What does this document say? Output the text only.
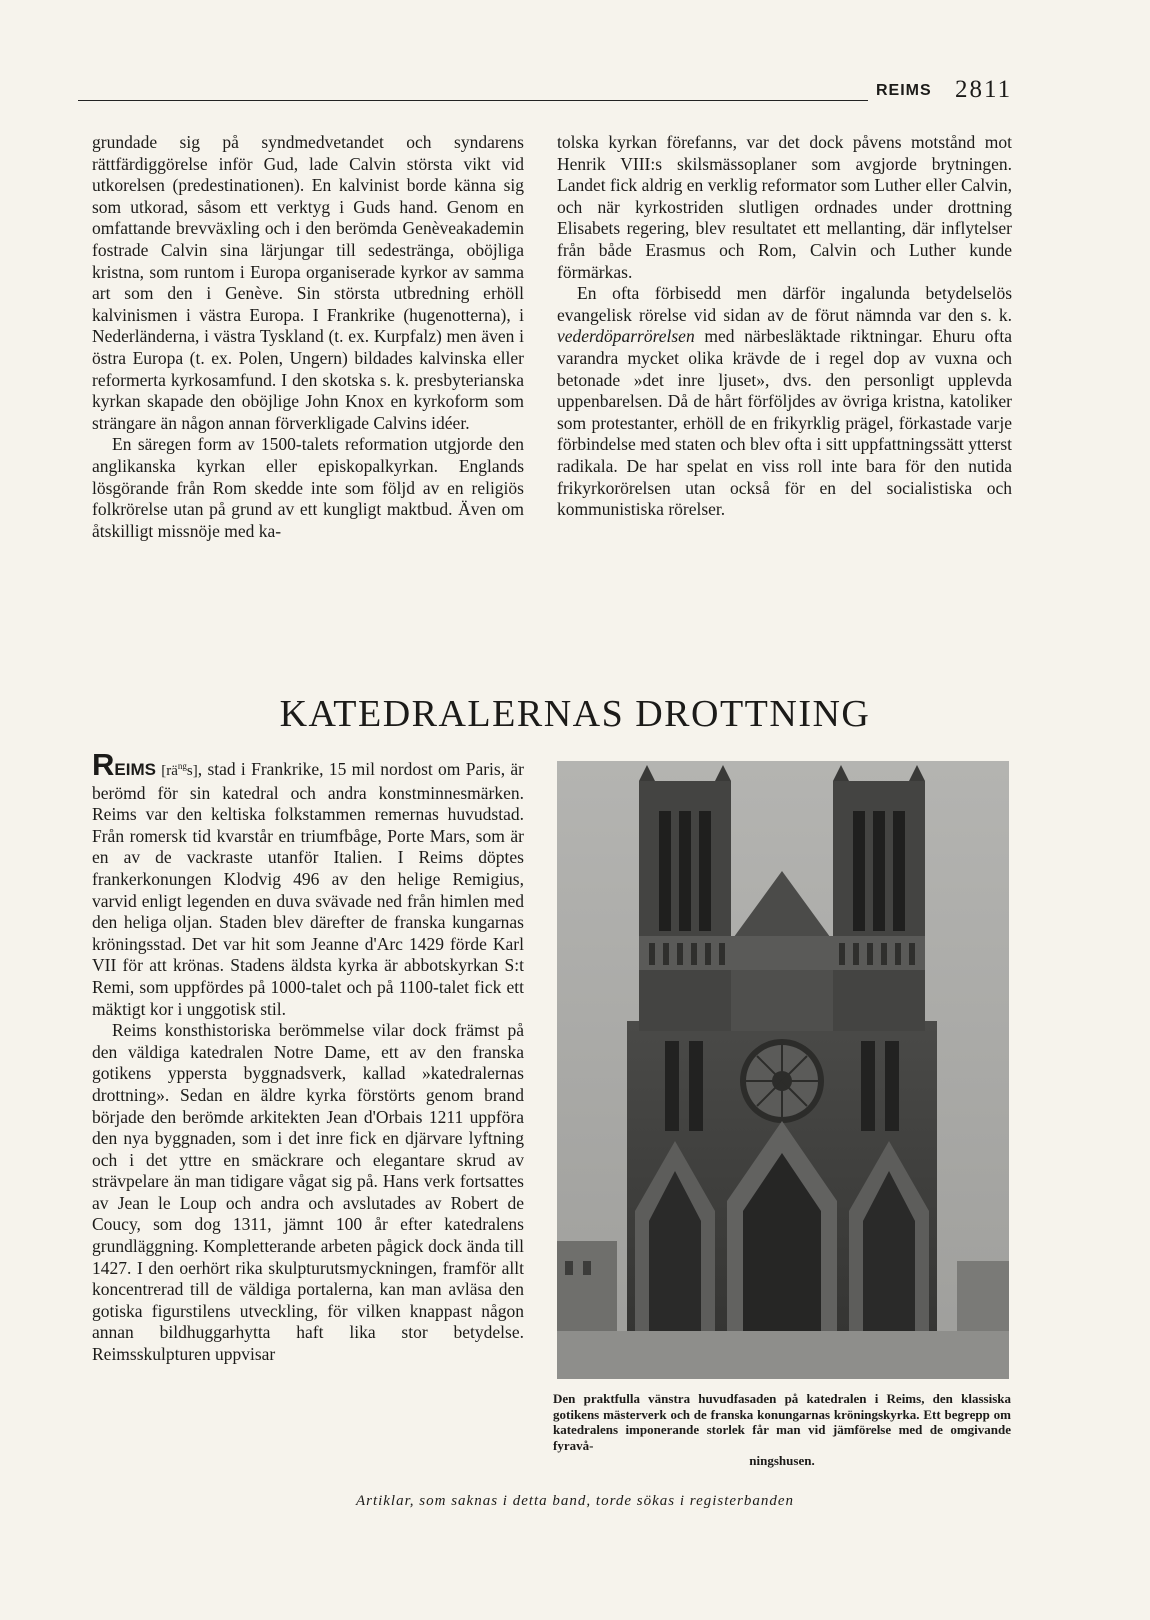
REIMS 2811

grundade sig på syndmedvetandet och syndarens rättfärdiggörelse inför Gud, lade Calvin största vikt vid utkorelsen (predestinationen). En kalvinist borde känna sig som utkorad, såsom ett verktyg i Guds hand. Genom en omfattande brevväxling och i den berömda Genèveakademin fostrade Calvin sina lärjungar till sedestränga, oböjliga kristna, som runtom i Europa organiserade kyrkor av samma art som den i Genève. Sin största utbredning erhöll kalvinismen i västra Europa. I Frankrike (hugenotterna), i Nederländerna, i västra Tyskland (t. ex. Kurpfalz) men även i östra Europa (t. ex. Polen, Ungern) bildades kalvinska eller reformerta kyrkosamfund. I den skotska s. k. presbyterianska kyrkan skapade den oböjlige John Knox en kyrkoform som strängare än någon annan förverkligade Calvins idéer.

En säregen form av 1500-talets reformation utgjorde den anglikanska kyrkan eller episkopalkyrkan. Englands lösgörande från Rom skedde inte som följd av en religiös folkrörelse utan på grund av ett kungligt maktbud. Även om åtskilligt missnöje med ka-

tolska kyrkan förefanns, var det dock påvens motstånd mot Henrik VIII:s skilsmässoplaner som avgjorde brytningen. Landet fick aldrig en verklig reformator som Luther eller Calvin, och när kyrkostriden slutligen ordnades under drottning Elisabets regering, blev resultatet ett mellanting, där inflytelser från både Erasmus och Rom, Calvin och Luther kunde förmärkas.

En ofta förbisedd men därför ingalunda betydelselös evangelisk rörelse vid sidan av de förut nämnda var den s. k. vederdöparrörelsen med närbesläktade riktningar. Ehuru ofta varandra mycket olika krävde de i regel dop av vuxna och betonade »det inre ljuset», dvs. den personligt upplevda uppenbarelsen. Då de hårt förföljdes av övriga kristna, katoliker som protestanter, erhöll de en frikyrklig prägel, förkastade varje förbindelse med staten och blev ofta i sitt uppfattningssätt ytterst radikala. De har spelat en viss roll inte bara för den nutida frikyrkorörelsen utan också för en del socialistiska och kommunistiska rörelser.

KATEDRALERNAS DROTTNING

REIMS $[rä^{ng}s]$, stad i Frankrike, 15 mil nordost om Paris, är berömd för sin katedral och andra konstminnesmärken. Reims var den keltiska folkstammen remernas huvudstad. Från romersk tid kvarstår en triumfbåge, Porte Mars, som är en av de vackraste utanför Italien. I Reims döptes frankerkonungen Klodvig 496 av den helige Remigius, varvid enligt legenden en duva svävade ned från himlen med den heliga oljan. Staden blev därefter de franska kungarnas kröningsstad. Det var hit som Jeanne d'Arc 1429 förde Karl VII för att krönas. Stadens äldsta kyrka är abbotskyrkan S:t Remi, som uppfördes på 1000-talet och på 1100-talet fick ett mäktigt kor i unggotisk stil.

Reims konsthistoriska berömmelse vilar dock främst på den väldiga katedralen Notre Dame, ett av den franska gotikens yppersta byggnadsverk, kallad »katedralernas drottning». Sedan en äldre kyrka förstörts genom brand började den berömde arkitekten Jean d'Orbais 1211 uppföra den nya byggnaden, som i det inre fick en djärvare lyftning och i det yttre en smäckrare och elegantare skrud av strävpelare än man tidigare vågat sig på. Hans verk fortsattes av Jean le Loup och andra och avslutades av Robert de Coucy, som dog 1311, jämnt 100 år efter katedralens grundläggning. Kompletterande arbeten pågick dock ända till 1427. I den oerhört rika skulpturutsmyckningen, framför allt koncentrerad till de väldiga portalerna, kan man avläsa den gotiska figurstilens utveckling, för vilken knappast någon annan bildhuggarhytta haft lika stor betydelse. Reimsskulpturen uppvisar

Den praktfulla vänstra huvudfasaden på katedralen i Reims, den klassiska gotikens mästerverk och de franska konungarnas kröningskyrka. Ett begrepp om katedralens imponerande storlek får man vid jämförelse med de omgivande fyravå-
ningshusen.

Artiklar, som saknas i detta band, torde sökas i registerbanden
